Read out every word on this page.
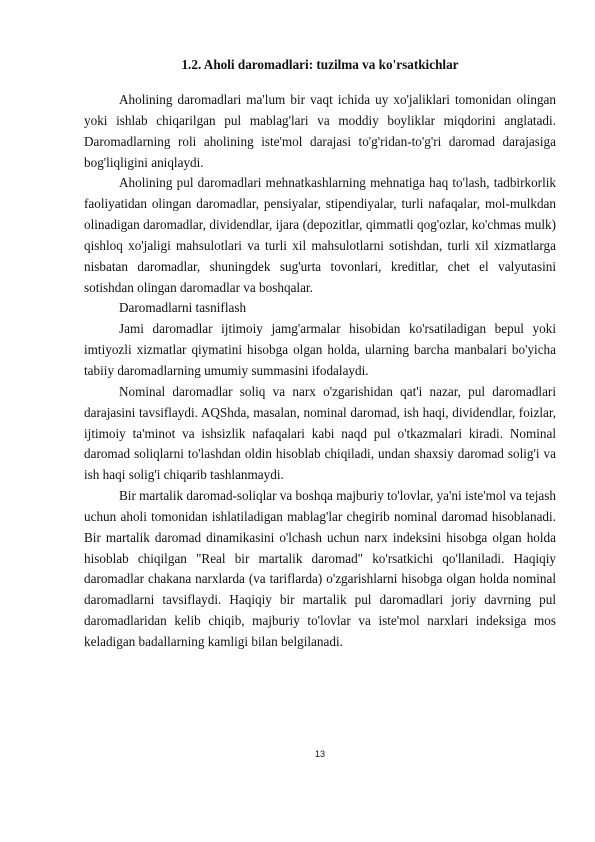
1.2. Aholi daromadlari: tuzilma va ko'rsatkichlar

Aholining daromadlari ma'lum bir vaqt ichida uy xo'jaliklari tomonidan olingan yoki ishlab chiqarilgan pul mablag'lari va moddiy boyliklar miqdorini anglatadi. Daromadlarning roli aholining iste'mol darajasi to'g'ridan-to'g'ri daromad darajasiga bog'liqligini aniqlaydi.

Aholining pul daromadlari mehnatkashlarning mehnatiga haq to'lash, tadbirkorlik faoliyatidan olingan daromadlar, pensiyalar, stipendiyalar, turli nafaqalar, mol-mulkdan olinadigan daromadlar, dividendlar, ijara (depozitlar, qimmatli qog'ozlar, ko'chmas mulk) qishloq xo'jaligi mahsulotlari va turli xil mahsulotlarni sotishdan, turli xil xizmatlarga nisbatan daromadlar, shuningdek sug'urta tovonlari, kreditlar, chet el valyutasini sotishdan olingan daromadlar va boshqalar.

Daromadlarni tasniflash

Jami daromadlar ijtimoiy jamg'armalar hisobidan ko'rsatiladigan bepul yoki imtiyozli xizmatlar qiymatini hisobga olgan holda, ularning barcha manbalari bo'yicha tabiiy daromadlarning umumiy summasini ifodalaydi.

Nominal daromadlar soliq va narx o'zgarishidan qat'i nazar, pul daromadlari darajasini tavsiflaydi. AQShda, masalan, nominal daromad, ish haqi, dividendlar, foizlar, ijtimoiy ta'minot va ishsizlik nafaqalari kabi naqd pul o'tkazmalari kiradi. Nominal daromad soliqlarni to'lashdan oldin hisoblab chiqiladi, undan shaxsiy daromad solig'i va ish haqi solig'i chiqarib tashlanmaydi.

Bir martalik daromad-soliqlar va boshqa majburiy to'lovlar, ya'ni iste'mol va tejash uchun aholi tomonidan ishlatiladigan mablag'lar chegirib nominal daromad hisoblanadi. Bir martalik daromad dinamikasini o'lchash uchun narx indeksini hisobga olgan holda hisoblab chiqilgan "Real bir martalik daromad" ko'rsatkichi qo'llaniladi. Haqiqiy daromadlar chakana narxlarda (va tariflarda) o'zgarishlarni hisobga olgan holda nominal daromadlarni tavsiflaydi. Haqiqiy bir martalik pul daromadlari joriy davrning pul daromadlaridan kelib chiqib, majburiy to'lovlar va iste'mol narxlari indeksiga mos keladigan badallarning kamligi bilan belgilanadi.

13
